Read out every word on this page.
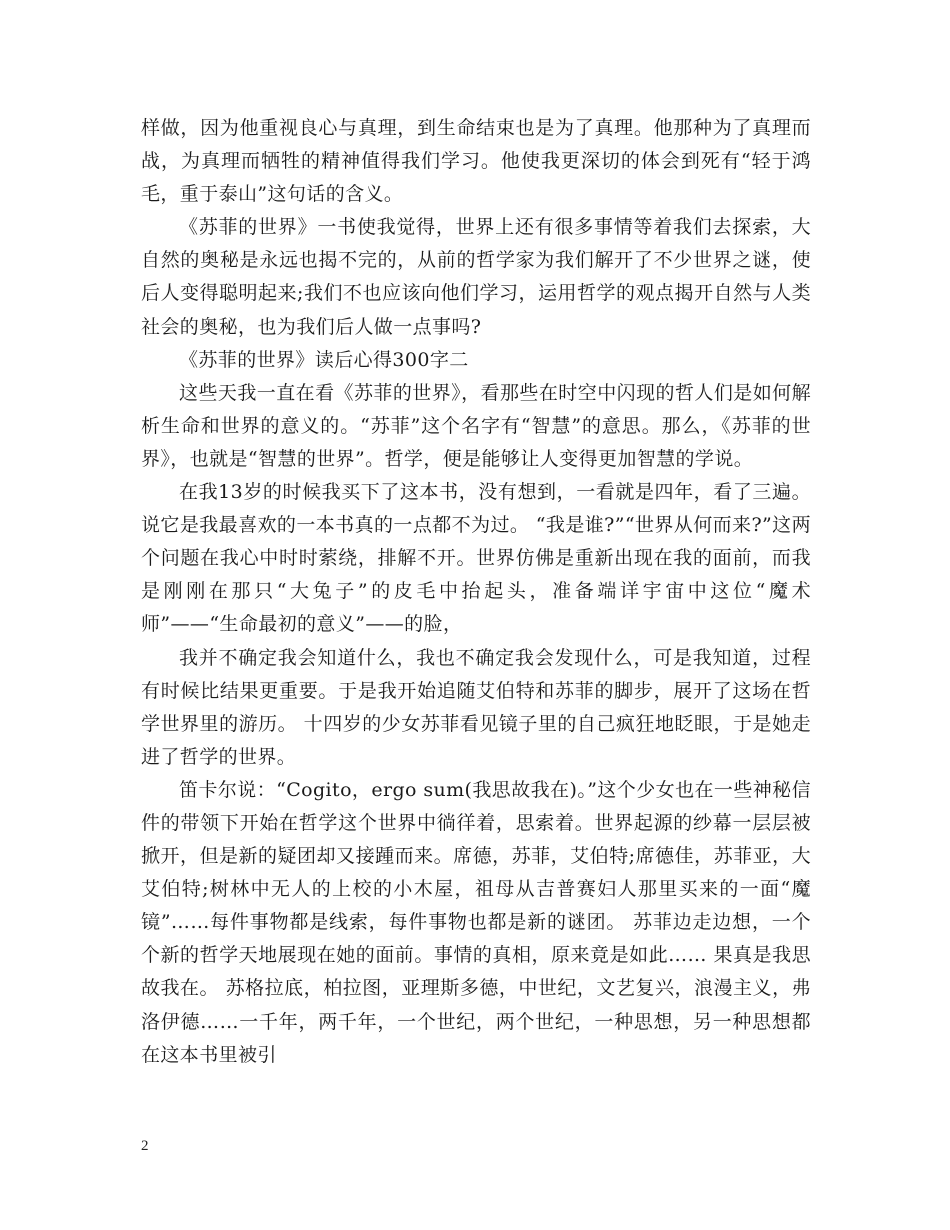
样做，因为他重视良心与真理，到生命结束也是为了真理。他那种为了真理而战，为真理而牺牲的精神值得我们学习。他使我更深切的体会到死有“轻于鸿毛，重于泰山”这句话的含义。

《苏菲的世界》一书使我觉得，世界上还有很多事情等着我们去探索，大自然的奥秘是永远也揭不完的，从前的哲学家为我们解开了不少世界之谜，使后人变得聪明起来;我们不也应该向他们学习，运用哲学的观点揭开自然与人类社会的奥秘，也为我们后人做一点事吗?

《苏菲的世界》读后心得300字二

这些天我一直在看《苏菲的世界》，看那些在时空中闪现的哲人们是如何解析生命和世界的意义的。“苏菲”这个名字有“智慧”的意思。那么，《苏菲的世界》，也就是“智慧的世界”。哲学，便是能够让人变得更加智慧的学说。

在我13岁的时候我买下了这本书，没有想到，一看就是四年，看了三遍。说它是我最喜欢的一本书真的一点都不为过。 “我是谁?”“世界从何而来?”这两个问题在我心中时时萦绕，排解不开。世界仿佛是重新出现在我的面前，而我是刚刚在那只“大兔子”的皮毛中抬起头，准备端详宇宙中这位“魔术师”——“生命最初的意义”——的脸，

我并不确定我会知道什么，我也不确定我会发现什么，可是我知道，过程有时候比结果更重要。于是我开始追随艾伯特和苏菲的脚步，展开了这场在哲学世界里的游历。 十四岁的少女苏菲看见镜子里的自己疯狂地眨眼，于是她走进了哲学的世界。

笛卡尔说：“Cogito，ergo sum(我思故我在)。”这个少女也在一些神秘信件的带领下开始在哲学这个世界中徜徉着，思索着。世界起源的纱幕一层层被掀开，但是新的疑团却又接踵而来。席德，苏菲，艾伯特;席德佳，苏菲亚，大艾伯特;树林中无人的上校的小木屋，祖母从吉普赛妇人那里买来的一面“魔镜”……每件事物都是线索，每件事物也都是新的谜团。 苏菲边走边想，一个个新的哲学天地展现在她的面前。事情的真相，原来竟是如此…… 果真是我思故我在。 苏格拉底，柏拉图，亚理斯多德，中世纪，文艺复兴，浪漫主义，弗洛伊德……一千年，两千年，一个世纪，两个世纪，一种思想，另一种思想都在这本书里被引

2
